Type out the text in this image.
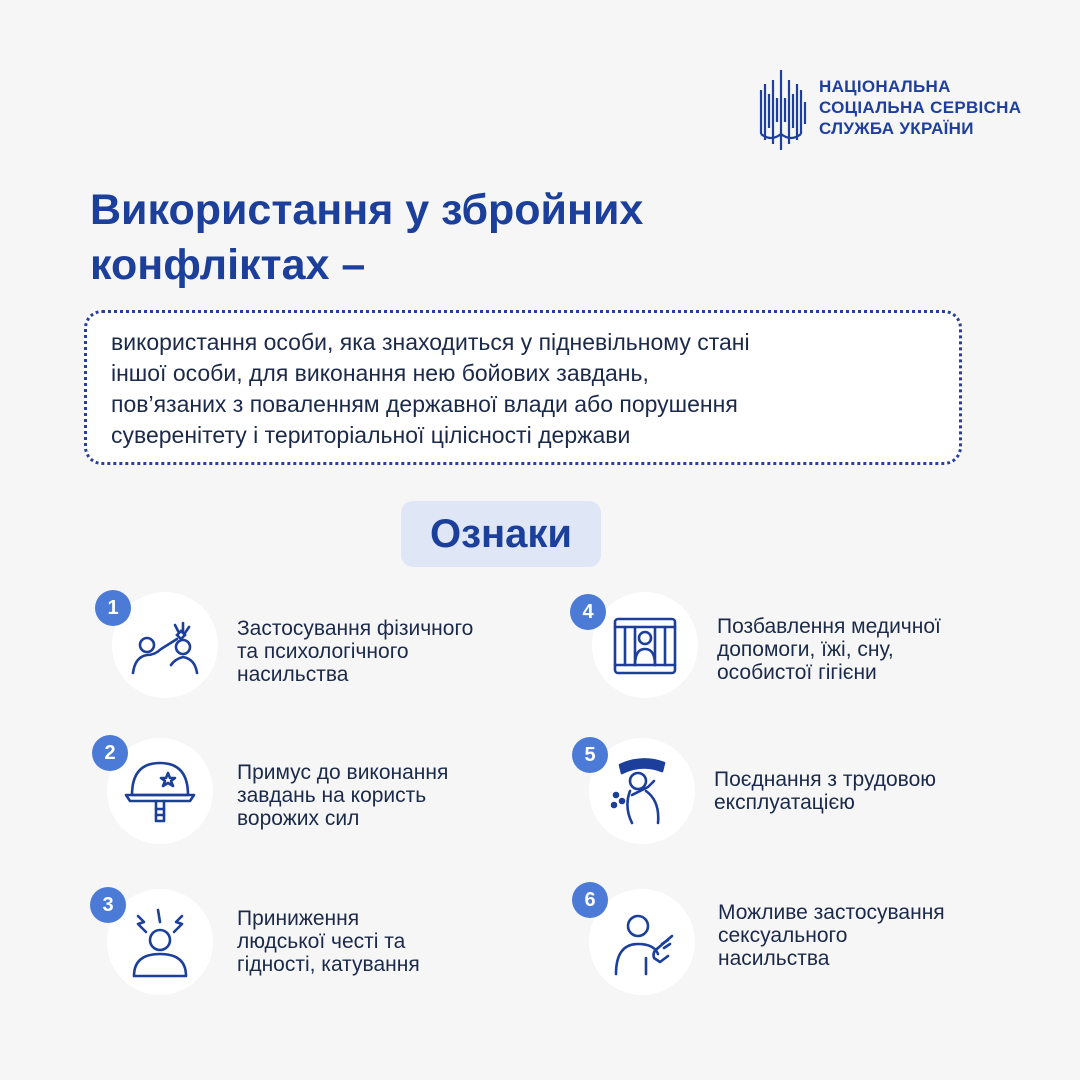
НАЦІОНАЛЬНА
СОЦІАЛЬНА СЕРВІСНА
СЛУЖБА УКРАЇНИ
Використання у збройних
конфліктах –
використання особи, яка знаходиться у підневільному стані
іншої особи, для виконання нею бойових завдань,
пов’язаних з поваленням державної влади або порушення
суверенітету і територіальної цілісності держави
Ознаки
1
Застосування фізичного
та психологічного
насильства
2
Примус до виконання
завдань на користь
ворожих сил
3
Приниження
людської честі та
гідності, катування
4
Позбавлення медичної
допомоги, їжі, сну,
особистої гігієни
5
Поєднання з трудовою
експлуатацією
6
Можливе застосування
сексуального
насильства
